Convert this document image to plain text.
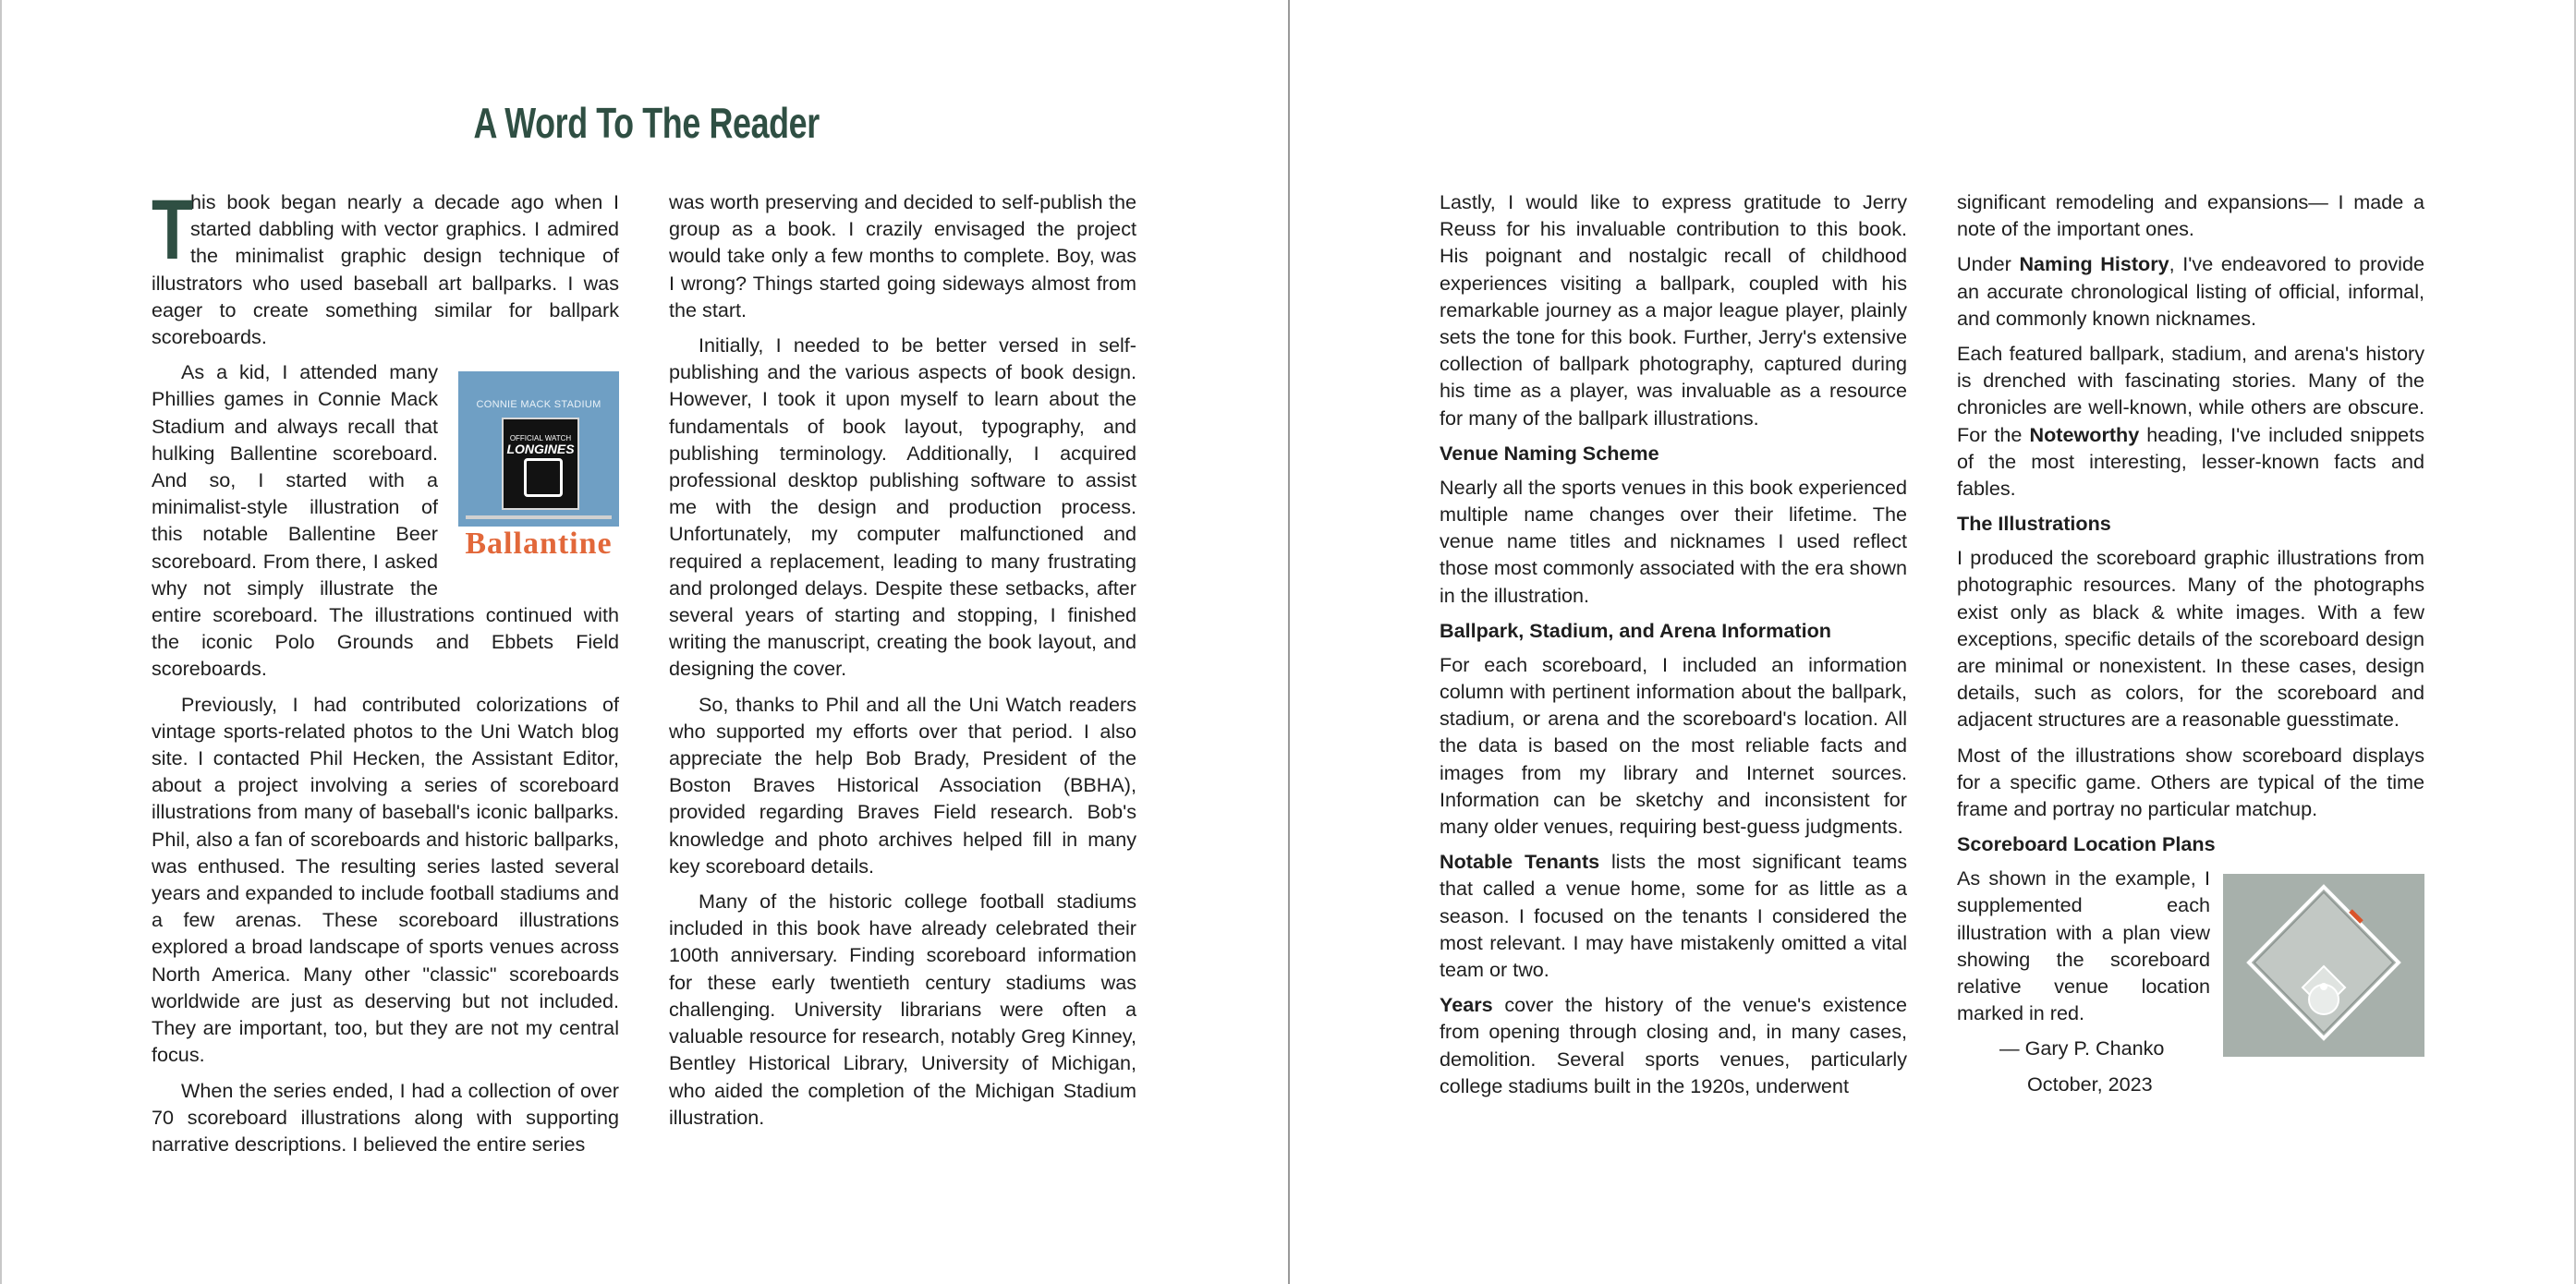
A Word To The Reader

T
his book began nearly a decade ago when I started dabbling with vector graphics. I admired the minimalist graphic design technique of illustrators who used baseball art ballparks. I was eager to create something similar for ballpark scoreboards.

CONNIE MACK STADIUM
OFFICIAL WATCH
LONGINES
Ballantine

As a kid, I attended many Phillies games in Connie Mack Stadium and always recall that hulking Ballentine scoreboard. And so, I started with a minimalist-style illustration of this notable Ballentine Beer scoreboard. From there, I asked why not simply illustrate the entire scoreboard. The illustrations continued with the iconic Polo Grounds and Ebbets Field scoreboards.

Previously, I had contributed colorizations of vintage sports-related photos to the Uni Watch blog site. I contacted Phil Hecken, the Assistant Editor, about a project involving a series of scoreboard illustrations from many of baseball's iconic ballparks. Phil, also a fan of scoreboards and historic ballparks, was enthused. The resulting series lasted several years and expanded to include football stadiums and a few arenas. These scoreboard illustrations explored a broad landscape of sports venues across North America. Many other "classic" scoreboards worldwide are just as deserving but not included. They are important, too, but they are not my central focus.

When the series ended, I had a collection of over 70 scoreboard illustrations along with supporting narrative descriptions. I believed the entire series

was worth preserving and decided to self-publish the group as a book. I crazily envisaged the project would take only a few months to complete. Boy, was I wrong? Things started going sideways almost from the start.

Initially, I needed to be better versed in self-publishing and the various aspects of book design. However, I took it upon myself to learn about the fundamentals of book layout, typography, and publishing terminology. Additionally, I acquired professional desktop publishing software to assist me with the design and production process. Unfortunately, my computer malfunctioned and required a replacement, leading to many frustrating and prolonged delays. Despite these setbacks, after several years of starting and stopping, I finished writing the manuscript, creating the book layout, and designing the cover.

So, thanks to Phil and all the Uni Watch readers who supported my efforts over that period. I also appreciate the help Bob Brady, President of the Boston Braves Historical Association (BBHA), provided regarding Braves Field research. Bob's knowledge and photo archives helped fill in many key scoreboard details.

Many of the historic college football stadiums included in this book have already celebrated their 100th anniversary. Finding scoreboard information for these early twentieth century stadiums was challenging. University librarians were often a valuable resource for research, notably Greg Kinney, Bentley Historical Library, University of Michigan, who aided the completion of the Michigan Stadium illustration.

Lastly, I would like to express gratitude to Jerry Reuss for his invaluable contribution to this book. His poignant and nostalgic recall of childhood experiences visiting a ballpark, coupled with his remarkable journey as a major league player, plainly sets the tone for this book. Further, Jerry's extensive collection of ballpark photography, captured during his time as a player, was invaluable as a resource for many of the ballpark illustrations.

Venue Naming Scheme

Nearly all the sports venues in this book experienced multiple name changes over their lifetime. The venue name titles and nicknames I used reflect those most commonly associated with the era shown in the illustration.

Ballpark, Stadium, and Arena Information

For each scoreboard, I included an information column with pertinent information about the ballpark, stadium, or arena and the scoreboard's location. All the data is based on the most reliable facts and images from my library and Internet sources. Information can be sketchy and inconsistent for many older venues, requiring best-guess judgments.

Notable Tenants lists the most significant teams that called a venue home, some for as little as a season. I focused on the tenants I considered the most relevant. I may have mistakenly omitted a vital team or two.

Years cover the history of the venue's existence from opening through closing and, in many cases, demolition. Several sports venues, particularly college stadiums built in the 1920s, underwent

significant remodeling and expansions— I made a note of the important ones.

Under Naming History, I've endeavored to provide an accurate chronological listing of official, informal, and commonly known nicknames.

Each featured ballpark, stadium, and arena's history is drenched with fascinating stories. Many of the chronicles are well-known, while others are obscure. For the Noteworthy heading, I've included snippets of the most interesting, lesser-known facts and fables.

The Illustrations

I produced the scoreboard graphic illustrations from photographic resources. Many of the photographs exist only as black & white images. With a few exceptions, specific details of the scoreboard design are minimal or nonexistent. In these cases, design details, such as colors, for the scoreboard and adjacent structures are a reasonable guesstimate.

Most of the illustrations show scoreboard displays for a specific game. Others are typical of the time frame and portray no particular matchup.

Scoreboard Location Plans

As shown in the example, I supplemented each illustration with a plan view showing the scoreboard relative venue location marked in red.

— Gary P. Chanko

October, 2023
